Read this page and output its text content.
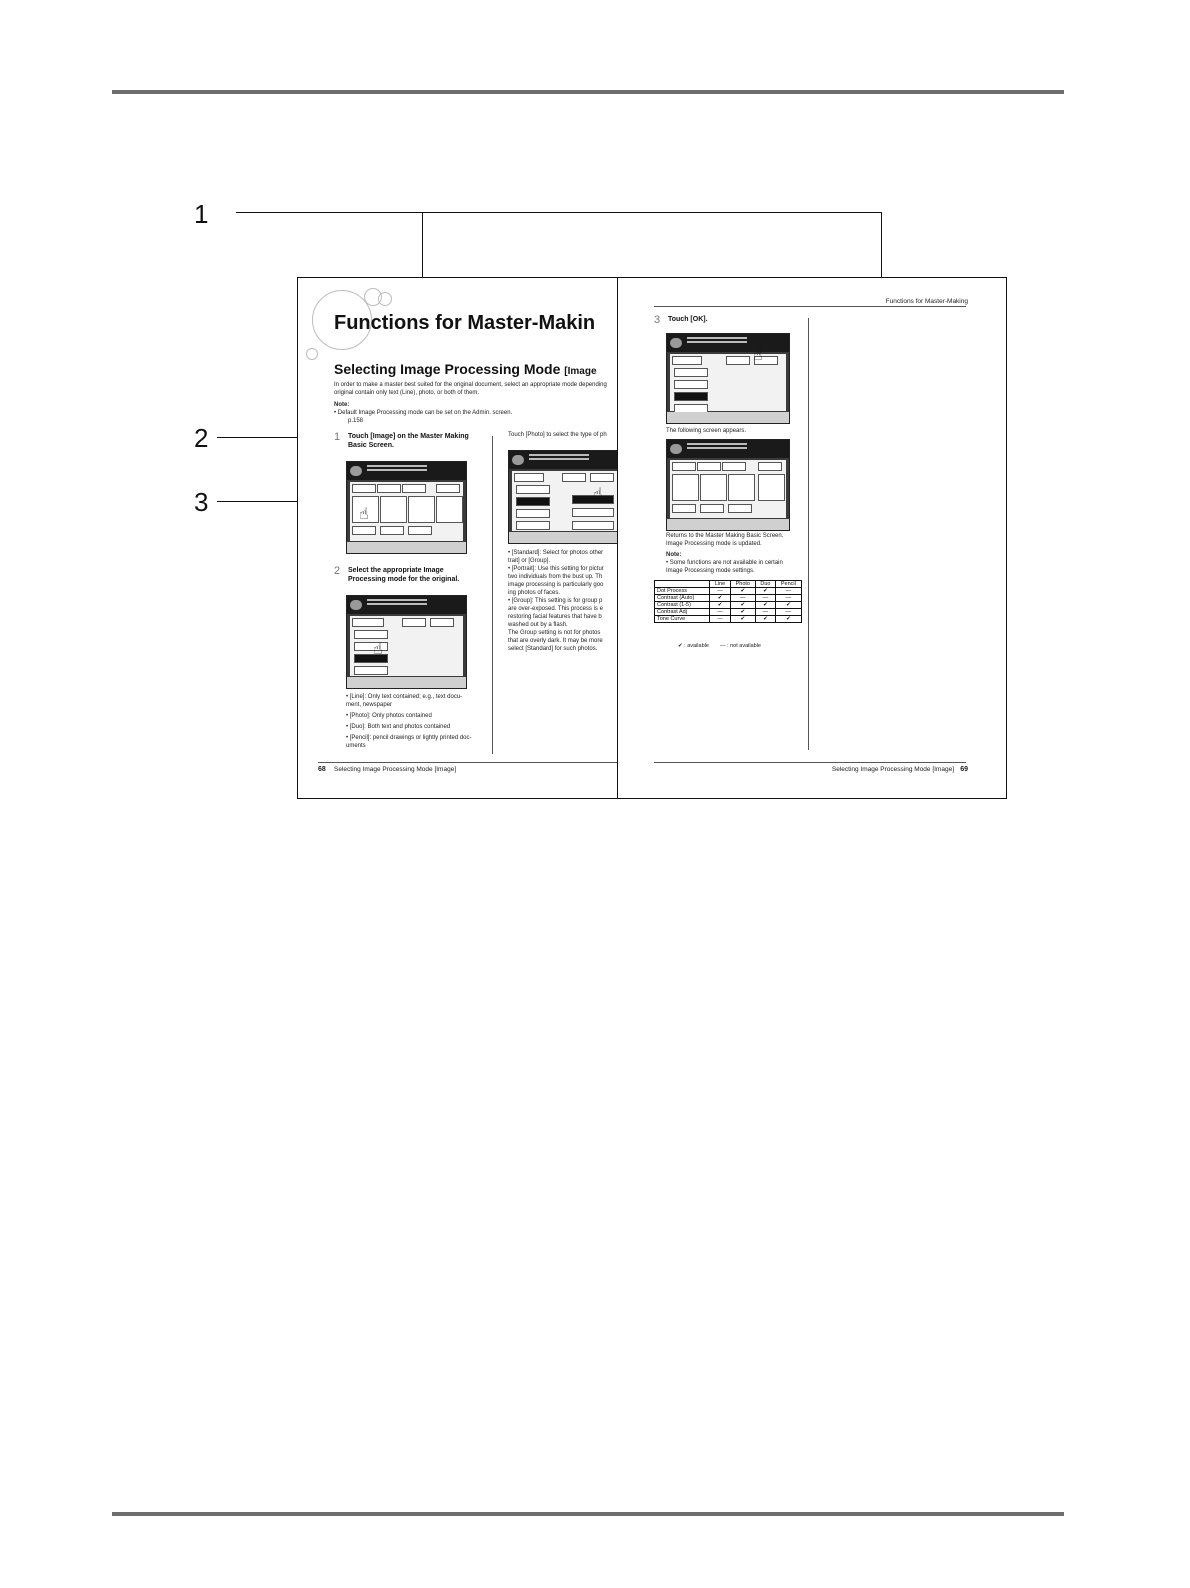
1
2
3
Functions for Master-Makin
Selecting Image Processing Mode [Image
In order to make a master best suited for the original document, select an appropriate mode depending
original contain only text (Line), photo, or both of them.
Note:
• Default Image Processing mode can be set on the Admin. screen.
p.158
1 Touch [Image] on the Master Making
Basic Screen.
☝
2 Select the appropriate Image
Processing mode for the original.
☝
• [Line]: Only text contained; e.g., text docu-
ment, newspaper
• [Photo]: Only photos contained
• [Duo]: Both text and photos contained
• [Pencil]: pencil drawings or lightly printed doc-
uments
Touch [Photo] to select the type of ph
☝
• [Standard]: Select for photos other
trait] or [Group].
• [Portrait]: Use this setting for pictur
two individuals from the bust up. Th
image processing is particularly goo
ing photos of faces.
• [Group]: This setting is for group p
are over-exposed. This process is e
restoring facial features that have b
washed out by a flash.
The Group setting is not for photos
that are overly dark. It may be more
select [Standard] for such photos.
68 Selecting Image Processing Mode [Image]
Functions for Master-Making
3 Touch [OK].
☝
The following screen appears.
Returns to the Master Making Basic Screen.
Image Processing mode is updated.
Note:
• Some functions are not available in certain
Image Processing mode settings.
	Line	Photo	Duo	Pencil
Dot Process	—	✔	✔	—
Contrast (Auto)	✔	—	—	—
Contrast (1-5)	✔	✔	✔	✔
Contrast Adj	—	✔	—	—
Tone Curve	—	✔	✔	✔
✔ : available — : not available
Selecting Image Processing Mode [Image] 69
